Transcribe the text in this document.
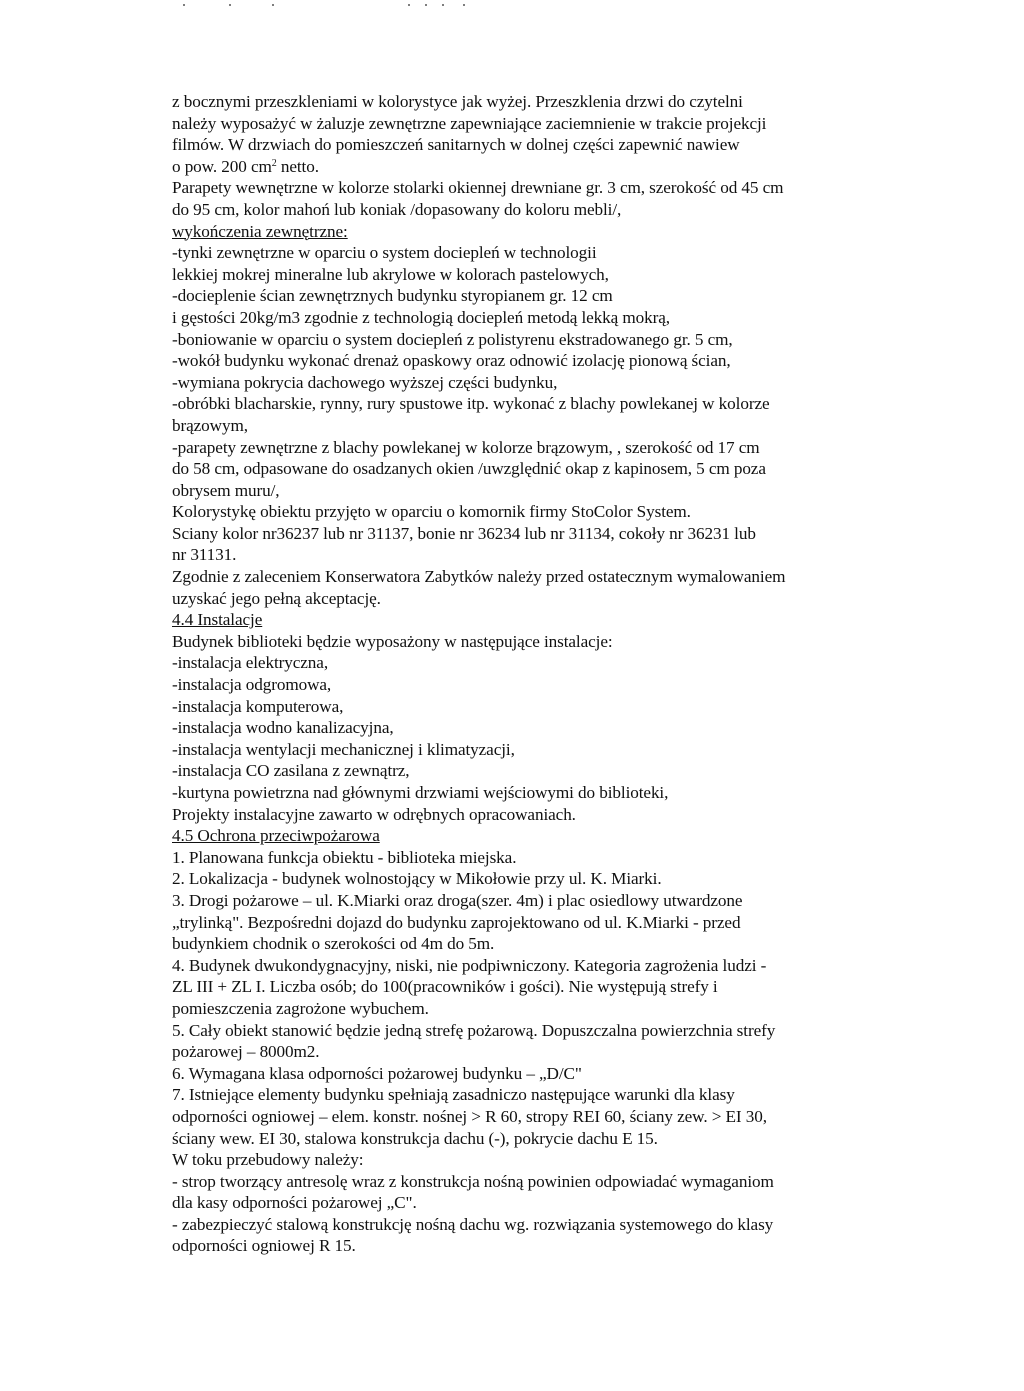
z bocznymi przeszkleniami w kolorystyce jak wyżej. Przeszklenia drzwi do czytelni
należy wyposażyć w żaluzje zewnętrzne zapewniające zaciemnienie w trakcie projekcji
filmów. W drzwiach do pomieszczeń sanitarnych w dolnej części zapewnić nawiew
o pow. 200 $cm^2$ netto.
Parapety wewnętrzne w kolorze stolarki okiennej drewniane gr. 3 cm, szerokość od 45 cm
do 95 cm, kolor mahoń lub koniak /dopasowany do koloru mebli/,
wykończenia zewnętrzne:
-tynki zewnętrzne w oparciu o system dociepleń w technologii
lekkiej mokrej mineralne lub akrylowe w kolorach pastelowych,
-docieplenie ścian zewnętrznych budynku styropianem gr. 12 cm
i gęstości 20kg/m3 zgodnie z technologią dociepleń metodą lekką mokrą,
-boniowanie w oparciu o system dociepleń z polistyrenu ekstradowanego gr. 5 cm,
-wokół budynku wykonać drenaż opaskowy oraz odnowić izolację pionową ścian,
-wymiana pokrycia dachowego wyższej części budynku,
-obróbki blacharskie, rynny, rury spustowe itp. wykonać z blachy powlekanej w kolorze
brązowym,
-parapety zewnętrzne z blachy powlekanej w kolorze brązowym, , szerokość od 17 cm
do 58 cm, odpasowane do osadzanych okien /uwzględnić okap z kapinosem, 5 cm poza
obrysem muru/,
Kolorystykę obiektu przyjęto w oparciu o komornik firmy StoColor System.
Sciany kolor nr36237 lub nr 31137, bonie nr 36234 lub nr 31134, cokoły nr 36231 lub
nr 31131.
Zgodnie z zaleceniem Konserwatora Zabytków należy przed ostatecznym wymalowaniem
uzyskać jego pełną akceptację.
4.4 Instalacje
Budynek biblioteki będzie wyposażony w następujące instalacje:
-instalacja elektryczna,
-instalacja odgromowa,
-instalacja komputerowa,
-instalacja wodno kanalizacyjna,
-instalacja wentylacji mechanicznej i klimatyzacji,
-instalacja CO zasilana z zewnątrz,
-kurtyna powietrzna nad głównymi drzwiami wejściowymi do biblioteki,
Projekty instalacyjne zawarto w odrębnych opracowaniach.
4.5 Ochrona przeciwpożarowa
1. Planowana funkcja obiektu - biblioteka miejska.
2. Lokalizacja - budynek wolnostojący w Mikołowie przy ul. K. Miarki.
3. Drogi pożarowe – ul. K.Miarki oraz droga(szer. 4m) i plac osiedlowy utwardzone
„trylinką". Bezpośredni dojazd do budynku zaprojektowano od ul. K.Miarki - przed
budynkiem chodnik o szerokości od 4m do 5m.
4. Budynek dwukondygnacyjny, niski, nie podpiwniczony. Kategoria zagrożenia ludzi -
ZL III + ZL I. Liczba osób; do 100(pracowników i gości). Nie występują strefy i
pomieszczenia zagrożone wybuchem.
5. Cały obiekt stanowić będzie jedną strefę pożarową. Dopuszczalna powierzchnia strefy
pożarowej – 8000m2.
6. Wymagana klasa odporności pożarowej budynku – „D/C"
7. Istniejące elementy budynku spełniają zasadniczo następujące warunki dla klasy
odporności ogniowej – elem. konstr. nośnej > R 60, stropy REI 60, ściany zew. > EI 30,
ściany wew. EI 30, stalowa konstrukcja dachu (-), pokrycie dachu E 15.
W toku przebudowy należy:
- strop tworzący antresolę wraz z konstrukcja nośną powinien odpowiadać wymaganiom
dla kasy odporności pożarowej „C".
- zabezpieczyć stalową konstrukcję nośną dachu wg. rozwiązania systemowego do klasy
odporności ogniowej R 15.
